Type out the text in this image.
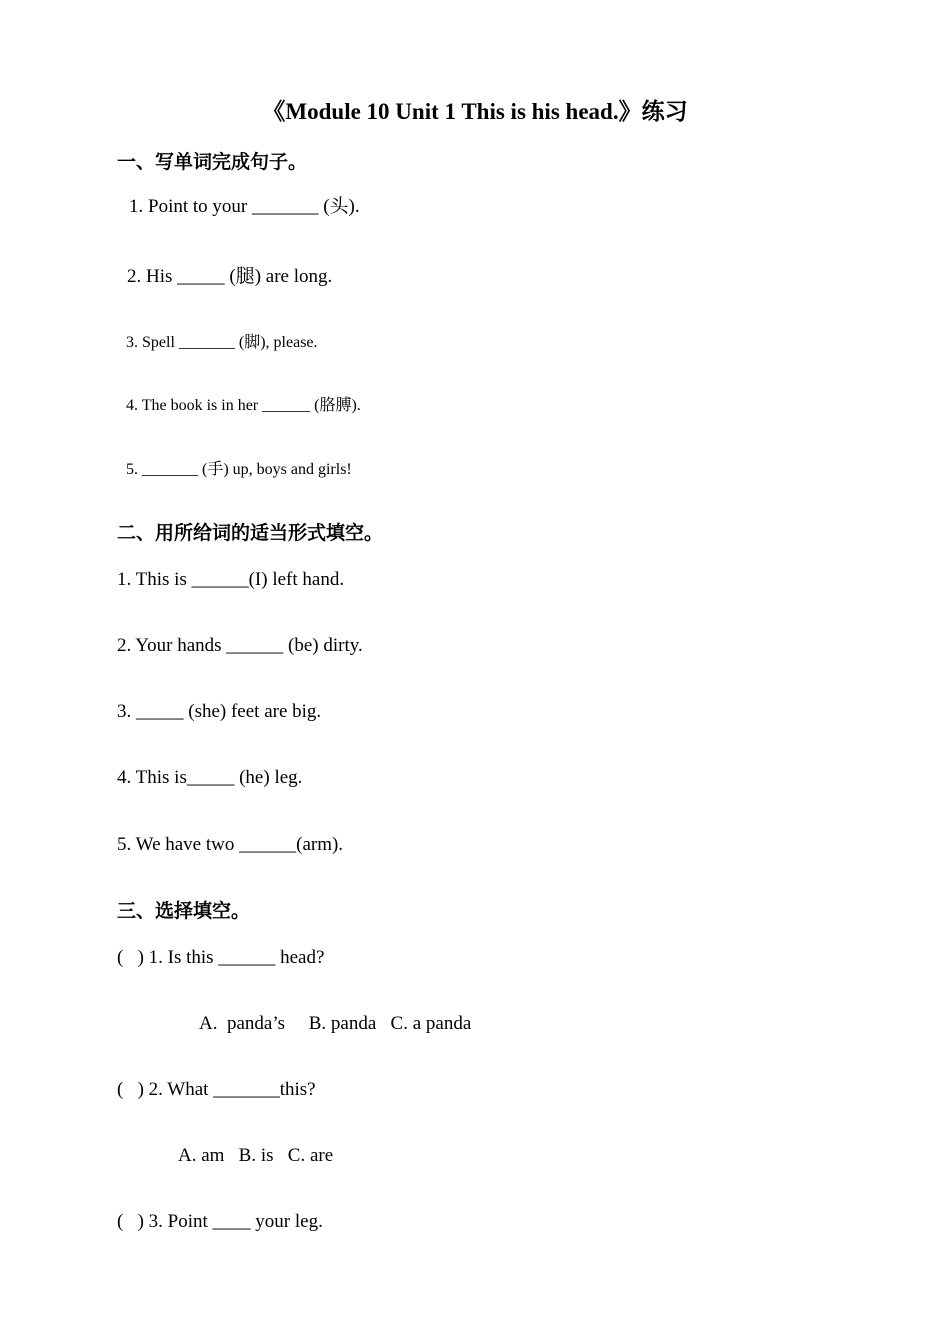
《Module 10 Unit 1 This is his head.》练习
一、写单词完成句子。
1. Point to your _______ (头).
2. His _____ (腿) are long.
3. Spell _______ (脚), please.
4. The book is in her ______ (胳膊).
5. _______ (手) up, boys and girls!
二、用所给词的适当形式填空。
1. This is ______(I) left hand.
2. Your hands ______ (be) dirty.
3. _____ (she) feet are big.
4. This is_____ (he) leg.
5. We have two ______(arm).
三、选择填空。
(   ) 1. Is this ______ head?
A.  panda’s     B. panda   C. a panda
(   ) 2. What _______this?
A. am   B. is   C. are
(   ) 3. Point ____ your leg.
